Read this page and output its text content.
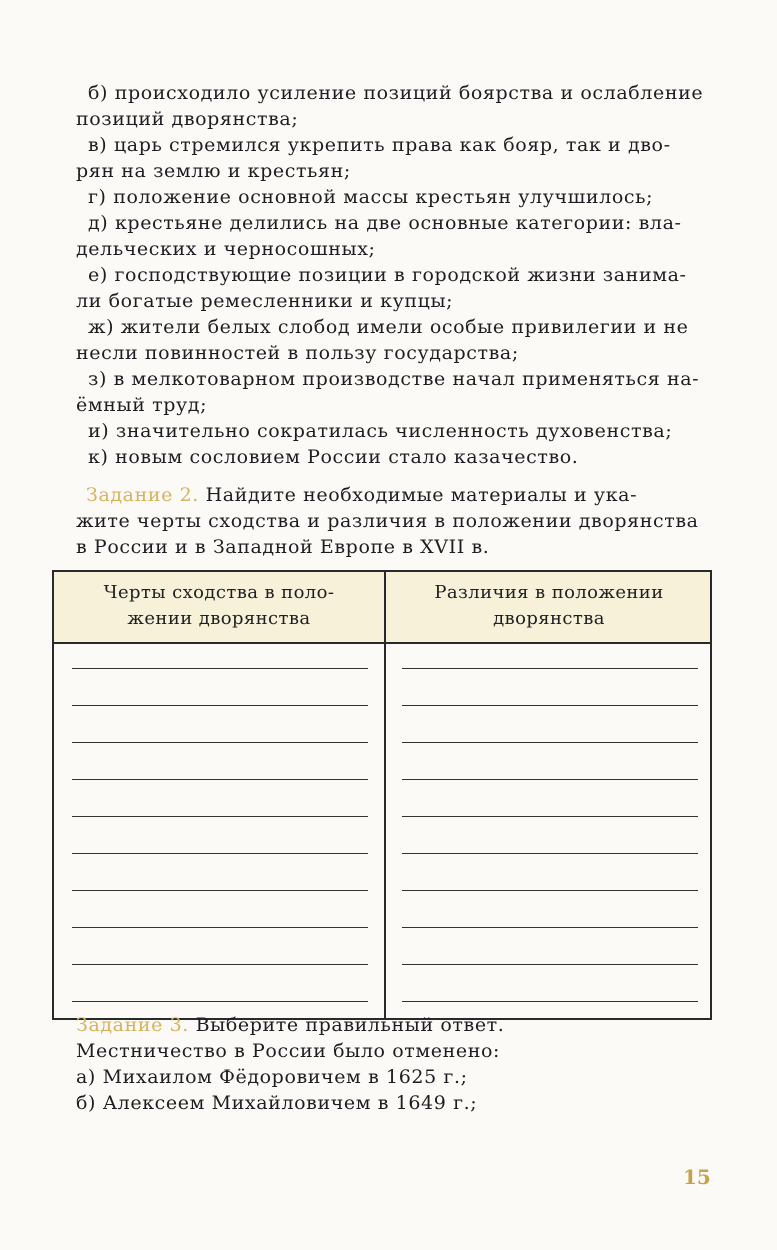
б) происходило усиление позиций боярства и ослабление
позиций дворянства;
в) царь стремился укрепить права как бояр, так и дво-
рян на землю и крестьян;
г) положение основной массы крестьян улучшилось;
д) крестьяне делились на две основные категории: вла-
дельческих и черносошных;
е) господствующие позиции в городской жизни занима-
ли богатые ремесленники и купцы;
ж) жители белых слобод имели особые привилегии и не
несли повинностей в пользу государства;
з) в мелкотоварном производстве начал применяться на-
ёмный труд;
и) значительно сократилась численность духовенства;
к) новым сословием России стало казачество.
Задание 2. Найдите необходимые материалы и ука-
жите черты сходства и различия в положении дворянства
в России и в Западной Европе в XVII в.
Черты сходства в поло-
жении дворянства
Различия в положении
дворянства
Задание 3. Выберите правильный ответ.
Местничество в России было отменено:
а) Михаилом Фёдоровичем в 1625 г.;
б) Алексеем Михайловичем в 1649 г.;
15
